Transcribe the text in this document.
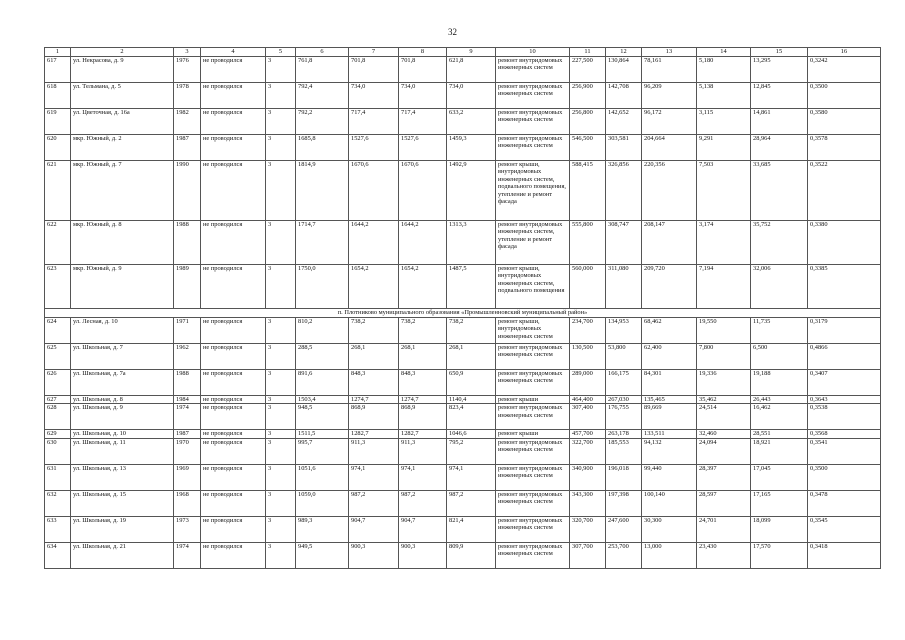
32
1	2	3	4	5	6	7	8	9	10	11	12	13	14	15	16
617	ул. Некрасова, д. 9	1976	не проводился	3	761,8	701,8	701,8	621,8	ремонт внутридомовых инженерных систем	227,500	130,864	78,161	5,180	13,295	0,3242
618	ул. Тельмана, д. 5	1978	не проводился	3	792,4	734,0	734,0	734,0	ремонт внутридомовых инженерных систем	256,900	142,708	96,209	5,138	12,845	0,3500
619	ул. Цветочная, д. 16а	1982	не проводился	3	792,2	717,4	717,4	633,2	ремонт внутридомовых инженерных систем	256,800	142,652	96,172	3,115	14,861	0,3580
620	мкр. Южный, д. 2	1987	не проводился	3	1685,8	1527,6	1527,6	1459,3	ремонт внутридомовых инженерных систем	546,500	303,581	204,664	9,291	28,964	0,3578
621	мкр. Южный, д. 7	1990	не проводился	3	1814,9	1670,6	1670,6	1492,9	ремонт крыши, внутридомовых инженерных систем, подвального помещения, утепление и ремонт фасада	588,415	326,856	220,356	7,503	33,685	0,3522
622	мкр. Южный, д. 8	1988	не проводился	3	1714,7	1644,2	1644,2	1313,3	ремонт внутридомовых инженерных систем, утепление и ремонт фасада	555,800	308,747	208,147	3,174	35,752	0,3380
623	мкр. Южный, д. 9	1989	не проводился	3	1750,0	1654,2	1654,2	1487,5	ремонт крыши, внутридомовых инженерных систем, подвального помещения	560,000	311,080	209,720	7,194	32,006	0,3385
п. Плотниково муниципального образования «Промышленновский муниципальный район»															
624	ул. Лесная, д. 10	1971	не проводился	3	810,2	738,2	738,2	738,2	ремонт крыши, внутридомовых инженерных систем	234,700	134,953	68,462	19,550	11,735	0,3179
625	ул. Школьная, д. 7	1962	не проводился	3	288,5	268,1	268,1	268,1	ремонт внутридомовых инженерных систем	130,500	53,800	62,400	7,800	6,500	0,4866
626	ул. Школьная, д. 7а	1988	не проводился	3	891,6	848,3	848,3	650,9	ремонт внутридомовых инженерных систем	289,000	166,175	84,301	19,336	19,188	0,3407
627	ул. Школьная, д. 8	1984	не проводился	3	1503,4	1274,7	1274,7	1140,4	ремонт крыши	464,400	267,030	135,465	35,462	26,443	0,3643
628	ул. Школьная, д. 9	1974	не проводился	3	948,5	868,9	868,9	823,4	ремонт внутридомовых инженерных систем	307,400	176,755	89,669	24,514	16,462	0,3538
629	ул. Школьная, д. 10	1987	не проводился	3	1511,5	1282,7	1282,7	1046,6	ремонт крыши	457,700	263,178	133,511	32,460	28,551	0,3568
630	ул. Школьная, д. 11	1970	не проводился	3	995,7	911,3	911,3	795,2	ремонт внутридомовых инженерных систем	322,700	185,553	94,132	24,094	18,921	0,3541
631	ул. Школьная, д. 13	1969	не проводился	3	1051,6	974,1	974,1	974,1	ремонт внутридомовых инженерных систем	340,900	196,018	99,440	28,397	17,045	0,3500
632	ул. Школьная, д. 15	1968	не проводился	3	1059,0	987,2	987,2	987,2	ремонт внутридомовых инженерных систем	343,300	197,398	100,140	28,597	17,165	0,3478
633	ул. Школьная, д. 19	1973	не проводился	3	989,3	904,7	904,7	821,4	ремонт внутридомовых инженерных систем	320,700	247,600	30,300	24,701	18,099	0,3545
634	ул. Школьная, д. 21	1974	не проводился	3	949,5	900,3	900,3	809,9	ремонт внутридомовых инженерных систем	307,700	253,700	13,000	23,430	17,570	0,3418
